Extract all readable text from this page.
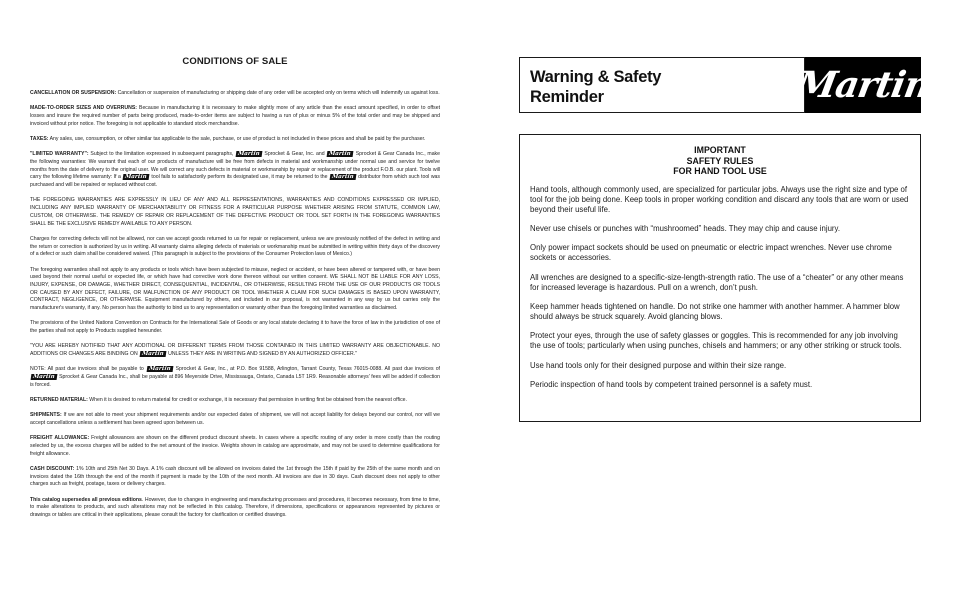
CONDITIONS OF SALE

CANCELLATION OR SUSPENSION: Cancellation or suspension of manufacturing or shipping date of any order will be accepted only on terms which will indemnify us against loss.

MADE-TO-ORDER SIZES AND OVERRUNS: Because in manufacturing it is necessary to make slightly more of any article than the exact amount specified, in order to offset losses and insure the required number of parts being produced, made-to-order items are subject to having a run of plus or minus 5% of the total order and may be shipped and invoiced without prior notice. The foregoing is not applicable to standard stock merchandise.

TAXES: Any sales, use, consumption, or other similar tax applicable to the sale, purchase, or use of product is not included in these prices and shall be paid by the purchaser.

"LIMITED WARRANTY": Subject to the limitation expressed in subsequent paragraphs, Martin Sprocket & Gear, Inc. and Martin Sprocket & Gear Canada Inc., make the following warranties: We warrant that each of our products of manufacture will be free from defects in material and workmanship under normal use and service for twelve months from the date of delivery to the original user. We will correct any such defects in material or workmanship by repair or replacement of the product F.O.B. our plant. Tools will carry the following lifetime warranty: If a Martin tool fails to satisfactorily perform its designated use, it may be returned to the Martin distributor from which such tool was purchased and will be repaired or replaced without cost.

THE FOREGOING WARRANTIES ARE EXPRESSLY IN LIEU OF ANY AND ALL REPRESENTATIONS, WARRANTIES AND CONDITIONS EXPRESSED OR IMPLIED, INCLUDING ANY IMPLIED WARRANTY OF MERCHANTABILITY OR FITNESS FOR A PARTICULAR PURPOSE WHETHER ARISING FROM STATUTE, COMMON LAW, CUSTOM, OR OTHERWISE. THE REMEDY OF REPAIR OR REPLACEMENT OF THE DEFECTIVE PRODUCT OR TOOL SET FORTH IN THE FOREGOING WARRANTIES SHALL BE THE EXCLUSIVE REMEDY AVAILABLE TO ANY PERSON.

Charges for correcting defects will not be allowed, nor can we accept goods returned to us for repair or replacement, unless we are previously notified of the defect in writing and the return or correction is authorized by us in writing. All warranty claims alleging defects of materials or workmanship must be submitted in writing within thirty days of the discovery of a defect or such claim shall be considered waived. (This paragraph is subject to the provisions of the Consumer Protection laws of Mexico.)

The foregoing warranties shall not apply to any products or tools which have been subjected to misuse, neglect or accident, or have been altered or tampered with, or have been used beyond their normal useful or expected life, or which have had corrective work done thereon without our written consent. WE SHALL NOT BE LIABLE FOR ANY LOSS, INJURY, EXPENSE, OR DAMAGE, WHETHER DIRECT, CONSEQUENTIAL, INCIDENTAL, OR OTHERWISE, RESULTING FROM THE USE OF OUR PRODUCTS OR TOOLS OR CAUSED BY ANY DEFECT, FAILURE, OR MALFUNCTION OF ANY PRODUCT OR TOOL WHETHER A CLAIM FOR SUCH DAMAGES IS BASED UPON WARRANTY, CONTRACT, NEGLIGENCE, OR OTHERWISE. Equipment manufactured by others, and included in our proposal, is not warranted in any way by us but carries only the manufacturer's warranty, if any. No person has the authority to bind us to any representation or warranty other than the foregoing limited warranties as disclaimed.

The provisions of the United Nations Convention on Contracts for the International Sale of Goods or any local statute declaring it to have the force of law in the jurisdiction of one of the parties shall not apply to Products supplied hereunder.

"YOU ARE HEREBY NOTIFIED THAT ANY ADDITIONAL OR DIFFERENT TERMS FROM THOSE CONTAINED IN THIS LIMITED WARRANTY ARE OBJECTIONABLE. NO ADDITIONS OR CHANGES ARE BINDING ON Martin UNLESS THEY ARE IN WRITING AND SIGNED BY AN AUTHORIZED OFFICER."

NOTE: All past due invoices shall be payable to Martin Sprocket & Gear, Inc., at P.O. Box 91588, Arlington, Tarrant County, Texas 76015-0088. All past due invoices of Martin Sprocket & Gear Canada Inc., shall be payable at 896 Meyerside Drive, Mississauga, Ontario, Canada L5T 1R9. Reasonable attorneys' fees will be added if collection is forced.

RETURNED MATERIAL: When it is desired to return material for credit or exchange, it is necessary that permission in writing first be obtained from the nearest office.

SHIPMENTS: If we are not able to meet your shipment requirements and/or our expected dates of shipment, we will not accept liability for delays beyond our control, nor will we accept cancellations unless a settlement has been agreed upon between us.

FREIGHT ALLOWANCE: Freight allowances are shown on the different product discount sheets. In cases where a specific routing of any order is more costly than the routing selected by us, the excess charges will be added to the net amount of the invoice. Weights shown in catalog are approximate, and may not be used to determine qualifications for freight allowance.

CASH DISCOUNT: 1% 10th and 25th Net 30 Days. A 1% cash discount will be allowed on invoices dated the 1st through the 15th if paid by the 25th of the same month and on invoices dated the 16th through the end of the month if payment is made by the 10th of the next month. All invoices are due in 30 days. Cash discount does not apply to other charges such as freight, postage, taxes or delivery charges.

This catalog supersedes all previous editions. However, due to changes in engineering and manufacturing processes and procedures, it becomes necessary, from time to time, to make alterations to products, and such alterations may not be reflected in this catalog. Therefore, if dimensions, specifications or appearances represented by pictures or drawings or tables are critical in their applications, please consult the factory for clarification or certified drawings.

Warning & Safety
Reminder	Martin
IMPORTANT
SAFETY RULES
FOR HAND TOOL USE

Hand tools, although commonly used, are specialized for particular jobs. Always use the right size and type of tool for the job being done. Keep tools in proper working condition and discard any tools that are worn or used beyond their useful life.

Never use chisels or punches with “mushroomed” heads. They may chip and cause injury.

Only power impact sockets should be used on pneumatic or electric impact wrenches. Never use chrome sockets or accessories.

All wrenches are designed to a specific-size-length-strength ratio. The use of a “cheater” or any other means for increased leverage is hazardous. Pull on a wrench, don’t push.

Keep hammer heads tightened on handle. Do not strike one hammer with another hammer. A hammer blow should always be struck squarely. Avoid glancing blows.

Protect your eyes, through the use of safety glasses or goggles. This is recommended for any job involving the use of tools; particularly when using punches, chisels and hammers; or any other striking or struck tools.

Use hand tools only for their designed purpose and within their size range.

Periodic inspection of hand tools by competent trained personnel is a safety must.
